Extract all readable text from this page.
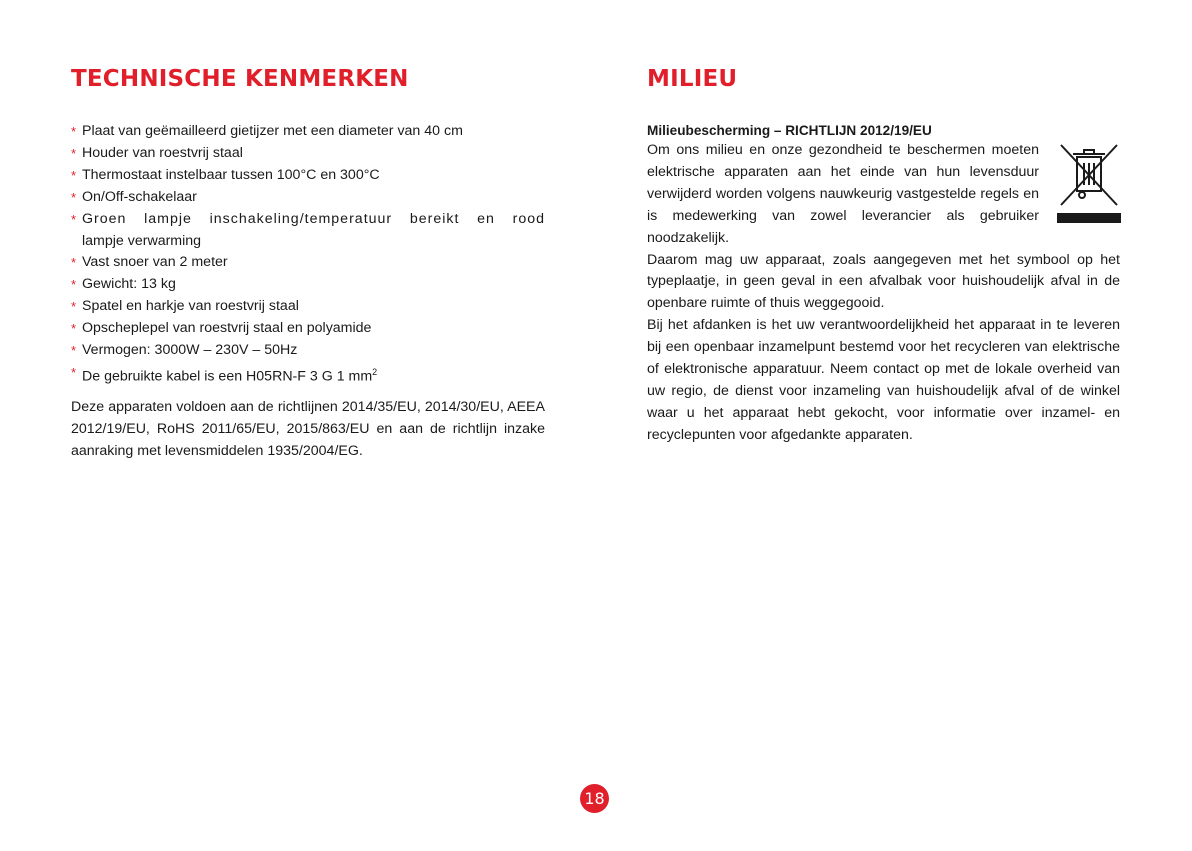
TECHNISCHE KENMERKEN
* Plaat van geëmailleerd gietijzer met een diameter van 40 cm
* Houder van roestvrij staal
* Thermostaat instelbaar tussen 100°C en 300°C
* On/Off-schakelaar
* Groen lampje inschakeling/temperatuur bereikt en rood
lampje verwarming
* Vast snoer van 2 meter
* Gewicht: 13 kg
* Spatel en harkje van roestvrij staal
* Opscheplepel van roestvrij staal en polyamide
* Vermogen: 3000W – 230V – 50Hz
* De gebruikte kabel is een H05RN-F 3 G 1 $mm^2$
Deze apparaten voldoen aan de richtlijnen 2014/35/EU, 2014/30/EU, AEEA 2012/19/EU, RoHS 2011/65/EU, 2015/863/EU en aan de richtlijn inzake aanraking met levensmiddelen 1935/2004/EG.
MILIEU
Milieubescherming – RICHTLIJN 2012/19/EU

Om ons milieu en onze gezondheid te beschermen moeten elektrische apparaten aan het einde van hun levensduur verwijderd worden volgens nauwkeurig vastgestelde regels en is medewerking van zowel leverancier als gebruiker noodzakelijk.

Daarom mag uw apparaat, zoals aangegeven met het symbool op het typeplaatje, in geen geval in een afvalbak voor huishoudelijk afval in de openbare ruimte of thuis weggegooid.

Bij het afdanken is het uw verantwoordelijkheid het apparaat in te leveren bij een openbaar inzamelpunt bestemd voor het recycleren van elektrische of elektronische apparatuur. Neem contact op met de lokale overheid van uw regio, de dienst voor inzameling van huishoudelijk afval of de winkel waar u het apparaat hebt gekocht, voor informatie over inzamel- en recyclepunten voor afgedankte apparaten.

18
